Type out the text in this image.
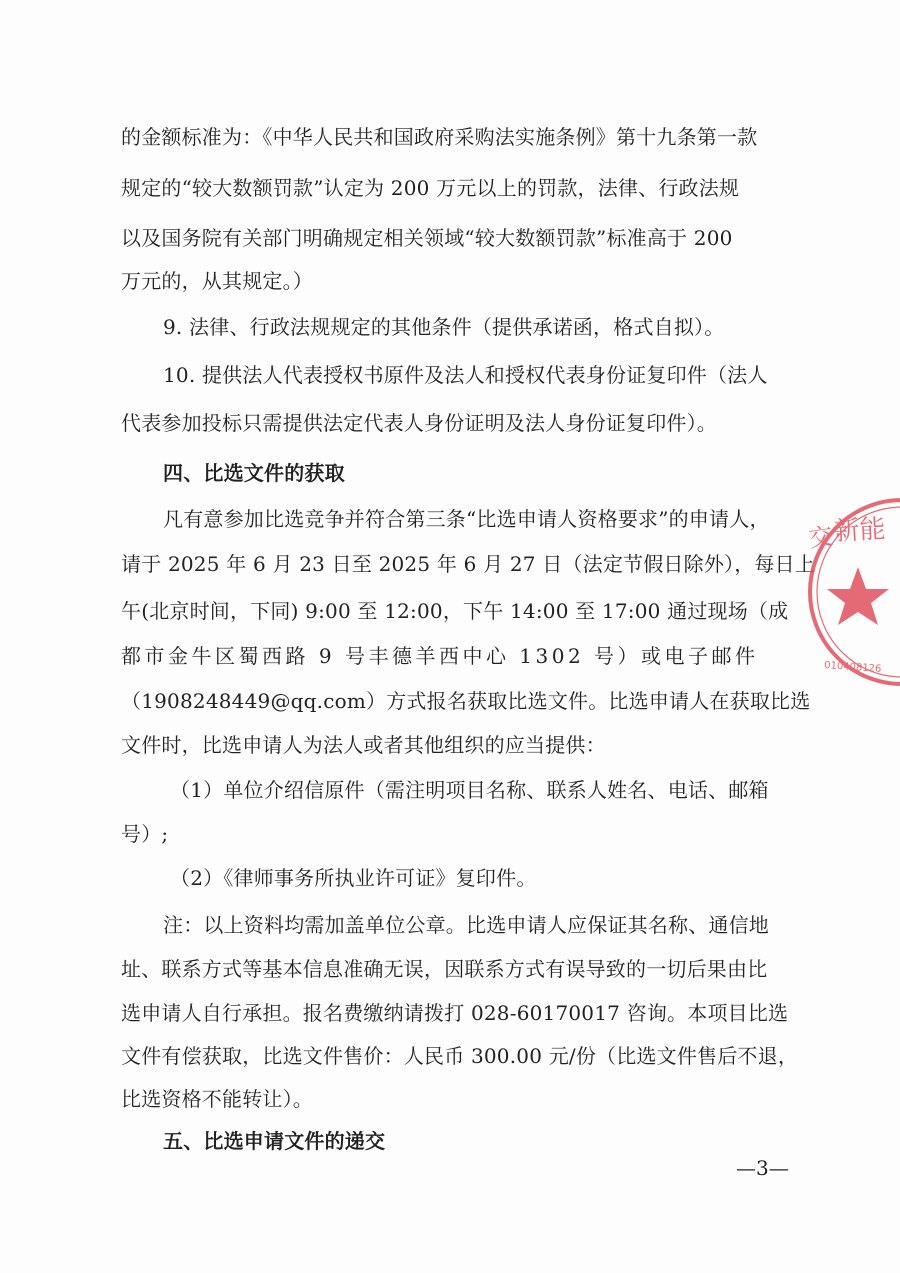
的金额标准为：《中华人民共和国政府采购法实施条例》第十九条第一款
规定的“较大数额罚款”认定为 200 万元以上的罚款，法律、行政法规
以及国务院有关部门明确规定相关领域“较大数额罚款”标准高于 200
万元的，从其规定。）
9. 法律、行政法规规定的其他条件（提供承诺函，格式自拟）。
10. 提供法人代表授权书原件及法人和授权代表身份证复印件（法人
代表参加投标只需提供法定代表人身份证明及法人身份证复印件）。
四、比选文件的获取
凡有意参加比选竞争并符合第三条“比选申请人资格要求”的申请人，
请于 2025 年 6 月 23 日至 2025 年 6 月 27 日（法定节假日除外），每日上
午(北京时间，下同) 9:00 至 12:00，下午 14:00 至 17:00 通过现场（成
都市金牛区蜀西路 9 号丰德羊西中心 1302 号）或电子邮件
（1908248449@qq.com）方式报名获取比选文件。比选申请人在获取比选
文件时，比选申请人为法人或者其他组织的应当提供：
（1）单位介绍信原件（需注明项目名称、联系人姓名、电话、邮箱
号）;
（2）《律师事务所执业许可证》复印件。
注：以上资料均需加盖单位公章。比选申请人应保证其名称、通信地
址、联系方式等基本信息准确无误，因联系方式有误导致的一切后果由比
选申请人自行承担。报名费缴纳请拨打 028-60170017 咨询。本项目比选
文件有偿获取，比选文件售价：人民币 300.00 元/份（比选文件售后不退，
比选资格不能转让）。
五、比选申请文件的递交
—3—
交
新能
010408126
